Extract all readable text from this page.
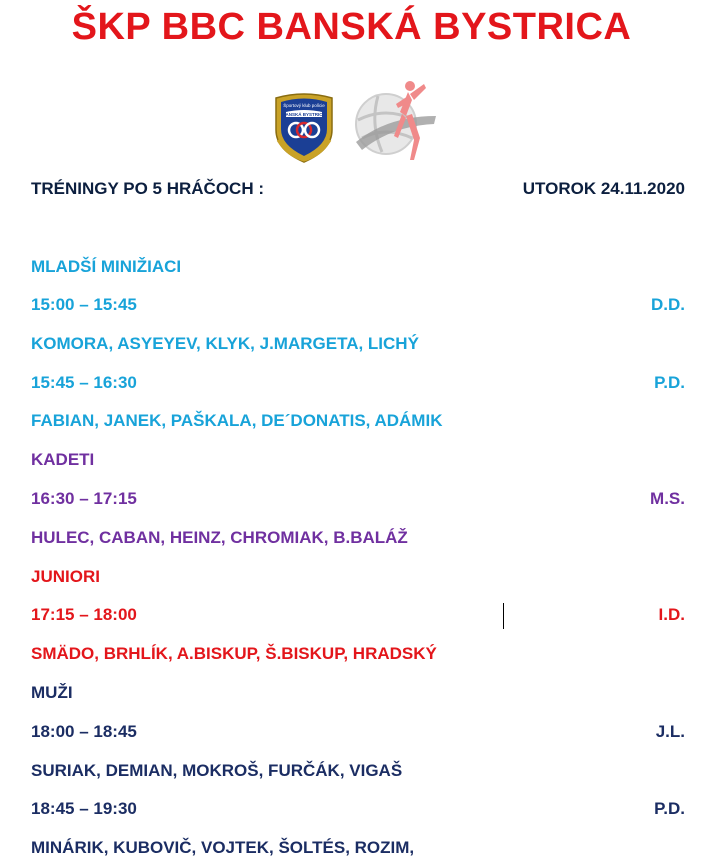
ŠKP BBC BANSKÁ BYSTRICA
Športový klub polície
BANSKÁ BYSTRICA
TRÉNINGY PO 5 HRÁČOCH :	UTOROK 24.11.2020
MLADŠÍ MINIŽIACI
15:00 – 15:45	D.D.
KOMORA, ASYEYEV, KLYK, J.MARGETA, LICHÝ
15:45 – 16:30	P.D.
FABIAN, JANEK, PAŠKALA, DE´DONATIS, ADÁMIK
KADETI
16:30 – 17:15	M.S.
HULEC, CABAN, HEINZ, CHROMIAK, B.BALÁŽ
JUNIORI
17:15 – 18:00	I.D.
SMÄDO, BRHLÍK, A.BISKUP, Š.BISKUP, HRADSKÝ
MUŽI
18:00 – 18:45	J.L.
SURIAK, DEMIAN, MOKROŠ, FURČÁK, VIGAŠ
18:45 – 19:30	P.D.
MINÁRIK, KUBOVIČ, VOJTEK, ŠOLTÉS, ROZIM,
